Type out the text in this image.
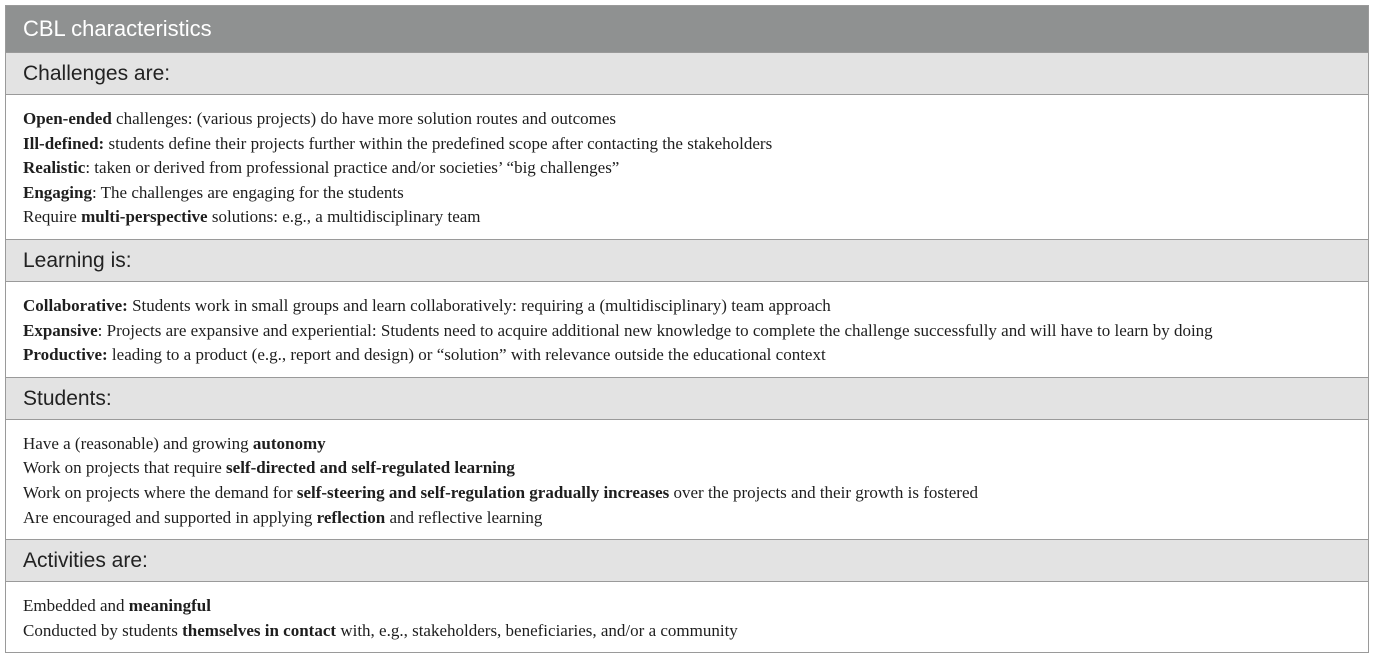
CBL characteristics
Challenges are:
Open-ended challenges: (various projects) do have more solution routes and outcomes
Ill-defined: students define their projects further within the predefined scope after contacting the stakeholders
Realistic: taken or derived from professional practice and/or societies’ “big challenges”
Engaging: The challenges are engaging for the students
Require multi-perspective solutions: e.g., a multidisciplinary team
Learning is:
Collaborative: Students work in small groups and learn collaboratively: requiring a (multidisciplinary) team approach
Expansive: Projects are expansive and experiential: Students need to acquire additional new knowledge to complete the challenge successfully and will have to learn by doing
Productive: leading to a product (e.g., report and design) or “solution” with relevance outside the educational context
Students:
Have a (reasonable) and growing autonomy
Work on projects that require self-directed and self-regulated learning
Work on projects where the demand for self-steering and self-regulation gradually increases over the projects and their growth is fostered
Are encouraged and supported in applying reflection and reflective learning
Activities are:
Embedded and meaningful
Conducted by students themselves in contact with, e.g., stakeholders, beneficiaries, and/or a community
